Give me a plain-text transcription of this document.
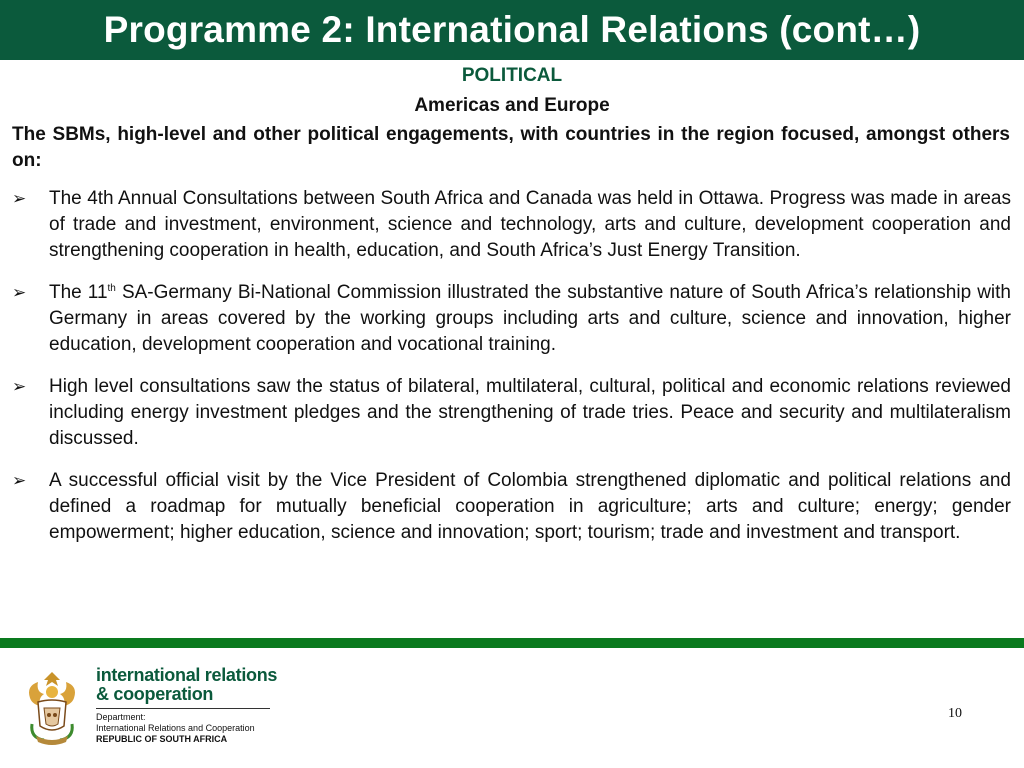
Programme 2: International Relations (cont…)
POLITICAL
Americas and Europe
The SBMs, high-level and other political engagements, with countries in the region focused, amongst others on:
➢ The 4th Annual Consultations between South Africa and Canada was held in Ottawa. Progress was made in areas of trade and investment, environment, science and technology, arts and culture, development cooperation and strengthening cooperation in health, education, and South Africa’s Just Energy Transition.
➢ The 11th SA-Germany Bi-National Commission illustrated the substantive nature of South Africa’s relationship with Germany in areas covered by the working groups including arts and culture, science and innovation, higher education, development cooperation and vocational training.
➢ High level consultations saw the status of bilateral, multilateral, cultural, political and economic relations reviewed including energy investment pledges and the strengthening of trade tries. Peace and security and multilateralism discussed.
➢ A successful official visit by the Vice President of Colombia strengthened diplomatic and political relations and defined a roadmap for mutually beneficial cooperation in agriculture; arts and culture; energy; gender empowerment; higher education, science and innovation; sport; tourism; trade and investment and transport.
international relations
& cooperation
Department:
International Relations and Cooperation
REPUBLIC OF SOUTH AFRICA
10
